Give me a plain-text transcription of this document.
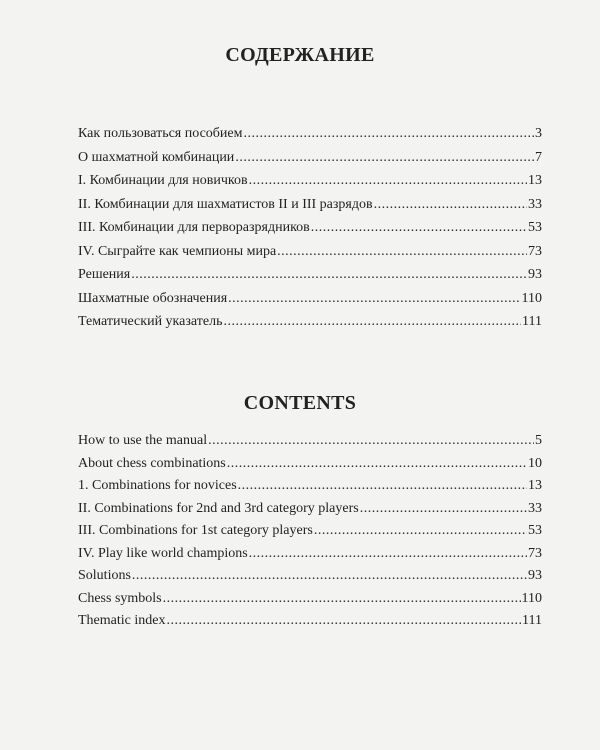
СОДЕРЖАНИЕ
Как пользоваться пособием .....	3
О шахматной комбинации .....	7
I. Комбинации для новичков .....	13
II. Комбинации для шахматистов II и III разрядов .....	33
III. Комбинации для перворазрядников .....	53
IV. Сыграйте как чемпионы мира .....	73
Решения .....	93
Шахматные обозначения .....	110
Тематический указатель .....	111
CONTENTS
How to use the manual .....	5
About chess combinations .....	10
1. Combinations for novices .....	13
II. Combinations for 2nd and 3rd category players .....	33
III. Combinations for 1st category players .....	53
IV. Play like world champions .....	73
Solutions .....	93
Chess symbols .....	110
Thematic index .....	111
